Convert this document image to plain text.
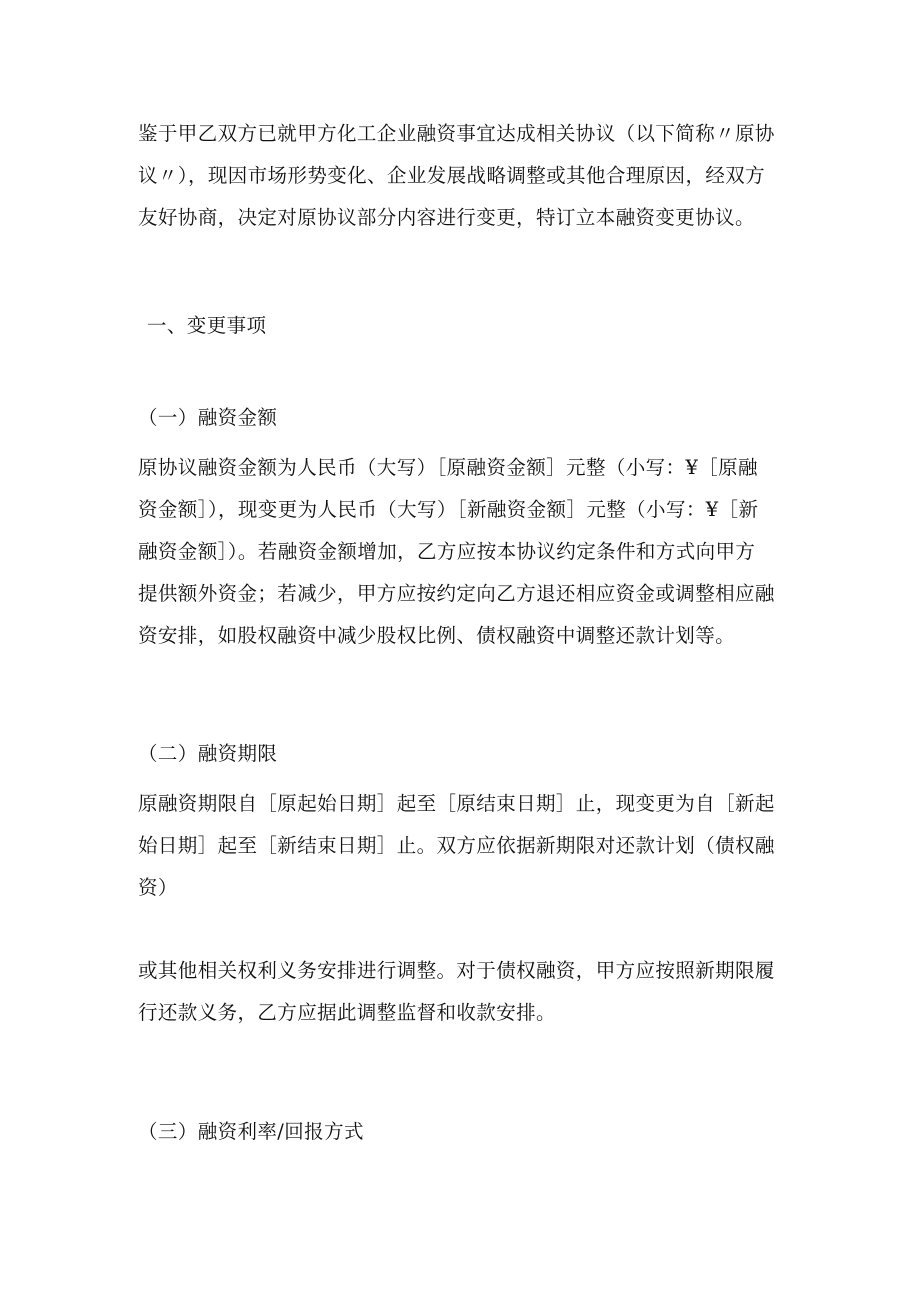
鉴于甲乙双方已就甲方化工企业融资事宜达成相关协议（以下简称〃原协
议〃），现因市场形势变化、企业发展战略调整或其他合理原因，经双方
友好协商，决定对原协议部分内容进行变更，特订立本融资变更协议。
一、变更事项
（一）融资金额
原协议融资金额为人民币（大写）［原融资金额］元整（小写：¥［原融
资金额］），现变更为人民币（大写）［新融资金额］元整（小写：¥［新
融资金额］）。若融资金额增加，乙方应按本协议约定条件和方式向甲方
提供额外资金；若减少，甲方应按约定向乙方退还相应资金或调整相应融
资安排，如股权融资中减少股权比例、债权融资中调整还款计划等。
（二）融资期限
原融资期限自［原起始日期］起至［原结束日期］止，现变更为自［新起
始日期］起至［新结束日期］止。双方应依据新期限对还款计划（债权融
资）
或其他相关权利义务安排进行调整。对于债权融资，甲方应按照新期限履
行还款义务，乙方应据此调整监督和收款安排。
（三）融资利率/回报方式
